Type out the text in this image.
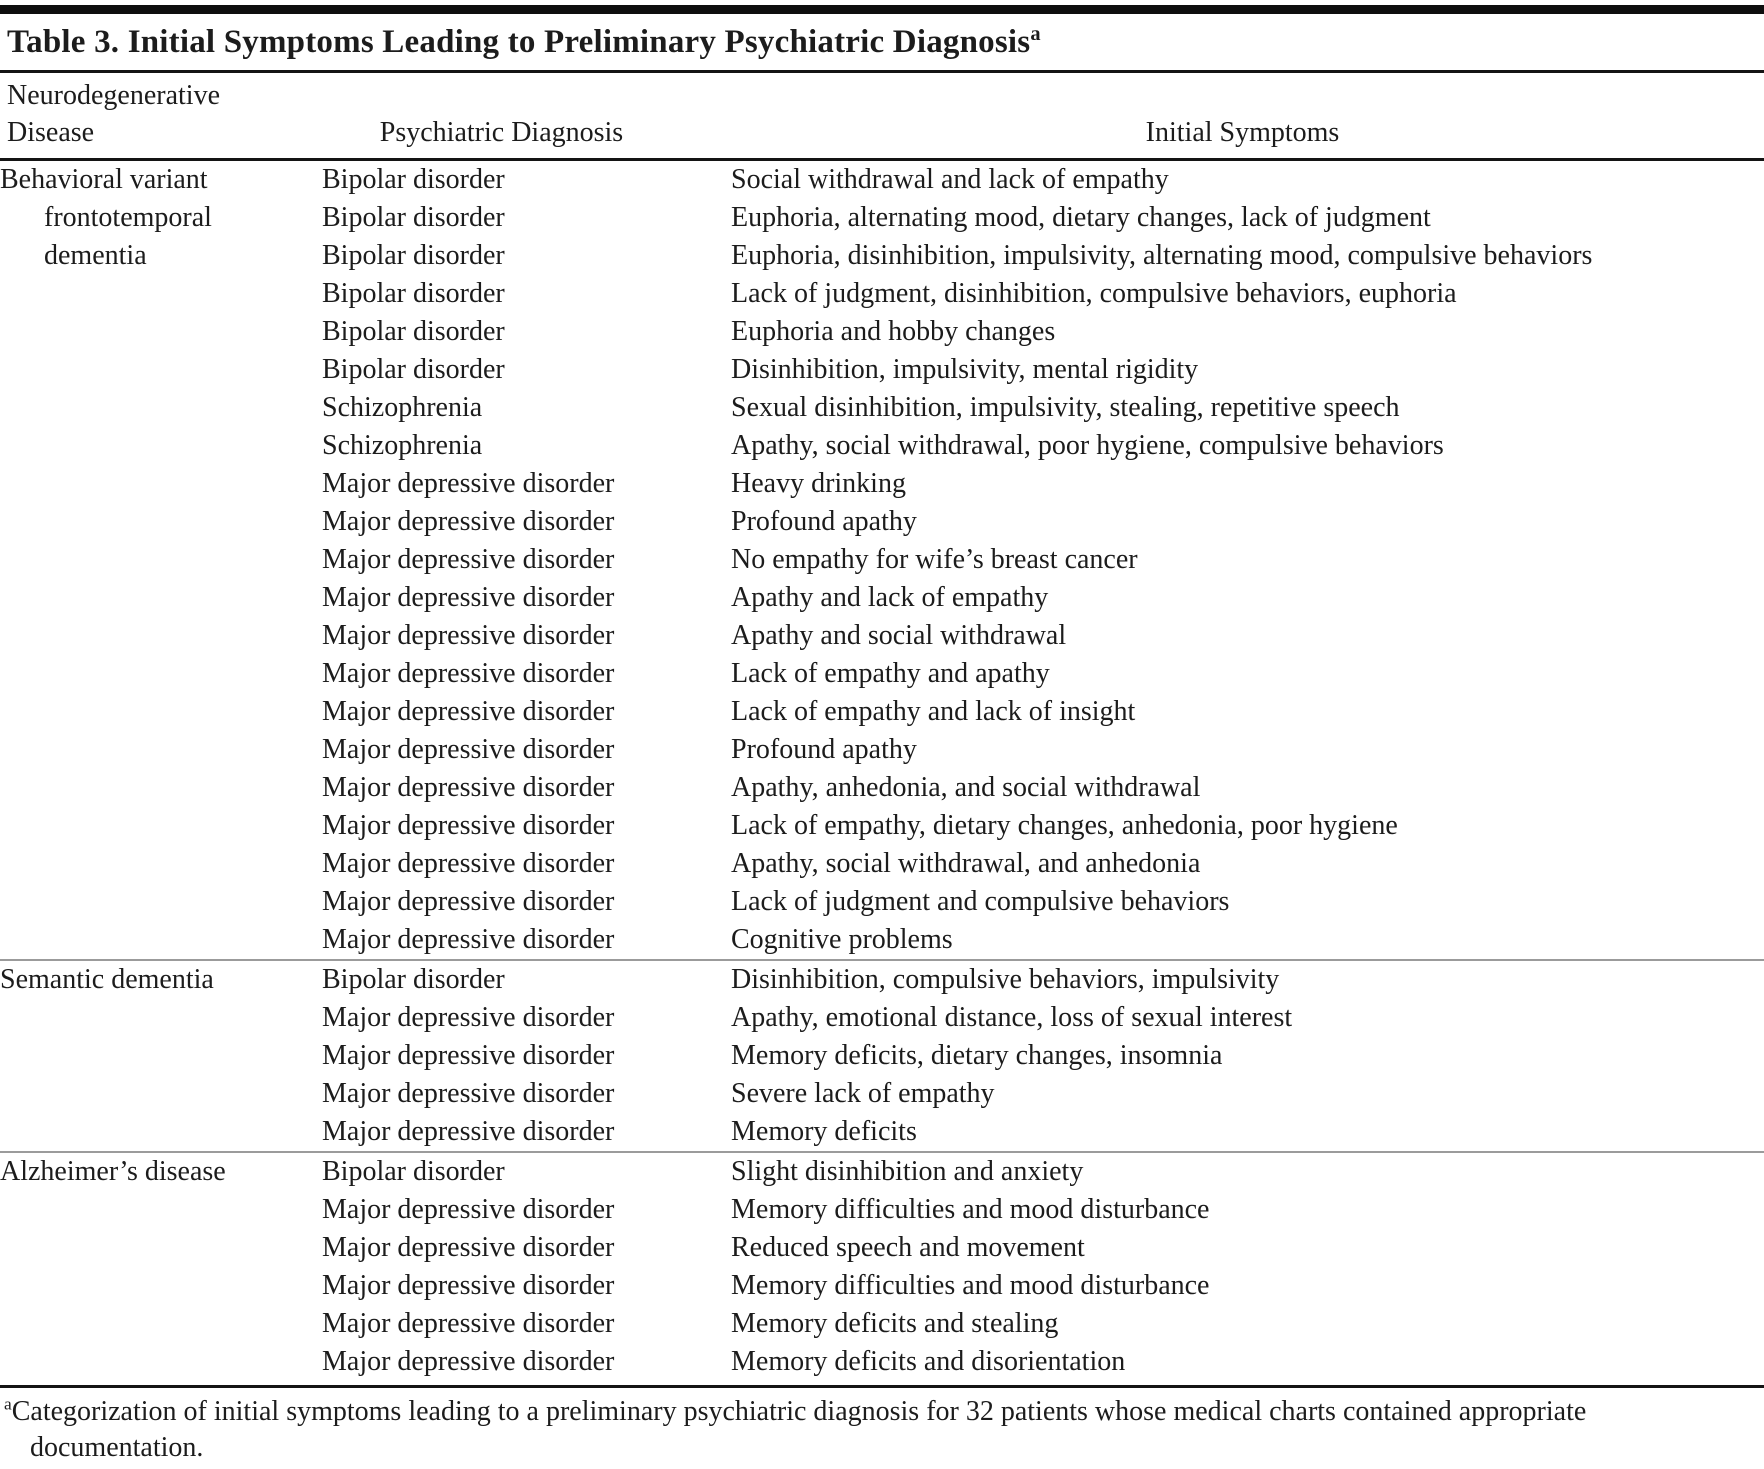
Table 3. Initial Symptoms Leading to Preliminary Psychiatric Diagnosis$^a$
Neurodegenerative
Disease	Psychiatric Diagnosis	Initial Symptoms
Behavioral variant	Bipolar disorder	Social withdrawal and lack of empathy
frontotemporal	Bipolar disorder	Euphoria, alternating mood, dietary changes, lack of judgment
dementia	Bipolar disorder	Euphoria, disinhibition, impulsivity, alternating mood, compulsive behaviors
	Bipolar disorder	Lack of judgment, disinhibition, compulsive behaviors, euphoria
	Bipolar disorder	Euphoria and hobby changes
	Bipolar disorder	Disinhibition, impulsivity, mental rigidity
	Schizophrenia	Sexual disinhibition, impulsivity, stealing, repetitive speech
	Schizophrenia	Apathy, social withdrawal, poor hygiene, compulsive behaviors
	Major depressive disorder	Heavy drinking
	Major depressive disorder	Profound apathy
	Major depressive disorder	No empathy for wife’s breast cancer
	Major depressive disorder	Apathy and lack of empathy
	Major depressive disorder	Apathy and social withdrawal
	Major depressive disorder	Lack of empathy and apathy
	Major depressive disorder	Lack of empathy and lack of insight
	Major depressive disorder	Profound apathy
	Major depressive disorder	Apathy, anhedonia, and social withdrawal
	Major depressive disorder	Lack of empathy, dietary changes, anhedonia, poor hygiene
	Major depressive disorder	Apathy, social withdrawal, and anhedonia
	Major depressive disorder	Lack of judgment and compulsive behaviors
	Major depressive disorder	Cognitive problems
Semantic dementia	Bipolar disorder	Disinhibition, compulsive behaviors, impulsivity
	Major depressive disorder	Apathy, emotional distance, loss of sexual interest
	Major depressive disorder	Memory deficits, dietary changes, insomnia
	Major depressive disorder	Severe lack of empathy
	Major depressive disorder	Memory deficits
Alzheimer’s disease	Bipolar disorder	Slight disinhibition and anxiety
	Major depressive disorder	Memory difficulties and mood disturbance
	Major depressive disorder	Reduced speech and movement
	Major depressive disorder	Memory difficulties and mood disturbance
	Major depressive disorder	Memory deficits and stealing
	Major depressive disorder	Memory deficits and disorientation
$^a$Categorization of initial symptoms leading to a preliminary psychiatric diagnosis for 32 patients whose medical charts contained appropriate documentation.
